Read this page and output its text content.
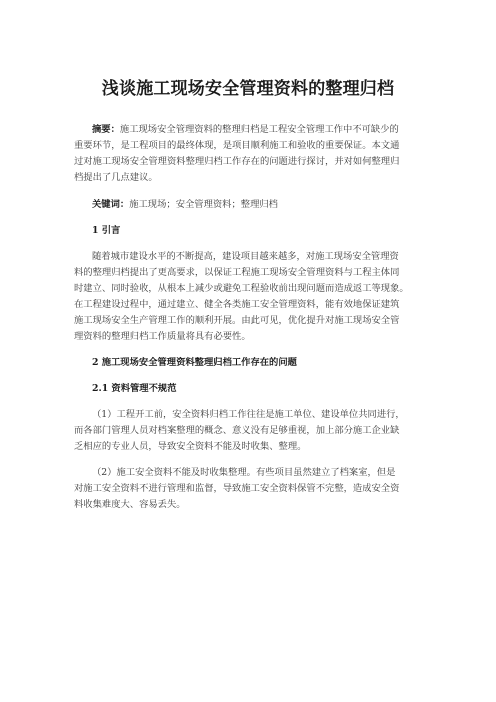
浅谈施工现场安全管理资料的整理归档
摘要：施工现场安全管理资料的整理归档是工程安全管理工作中不可缺少的
重要环节，是工程项目的最终体现，是项目顺利施工和验收的重要保证。本文通
过对施工现场安全管理资料整理归档工作存在的问题进行探讨，并对如何整理归
档提出了几点建议。
关键词：施工现场；安全管理资料；整理归档
1 引言
随着城市建设水平的不断提高，建设项目越来越多，对施工现场安全管理资
料的整理归档提出了更高要求，以保证工程施工现场安全管理资料与工程主体同
时建立、同时验收，从根本上减少或避免工程验收前出现问题而造成返工等现象。
在工程建设过程中，通过建立、健全各类施工安全管理资料，能有效地保证建筑
施工现场安全生产管理工作的顺利开展。由此可见，优化提升对施工现场安全管
理资料的整理归档工作质量将具有必要性。
2 施工现场安全管理资料整理归档工作存在的问题
2.1 资料管理不规范
（1）工程开工前，安全资料归档工作往往是施工单位、建设单位共同进行，
而各部门管理人员对档案整理的概念、意义没有足够重视，加上部分施工企业缺
乏相应的专业人员，导致安全资料不能及时收集、整理。
（2）施工安全资料不能及时收集整理。有些项目虽然建立了档案室，但是
对施工安全资料不进行管理和监督，导致施工安全资料保管不完整，造成安全资
料收集难度大、容易丢失。
